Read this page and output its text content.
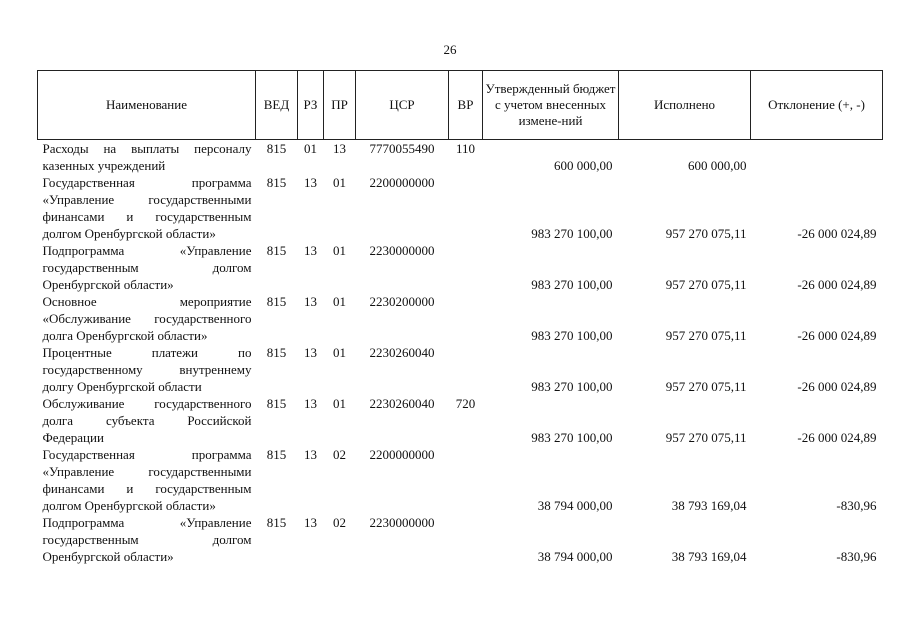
26
Наименование	ВЕД	РЗ	ПР	ЦСР	ВР	Утвержденный бюджет с учетом внесенных измене-ний	Исполнено	Отклонение (+, -)
Расходы на выплаты персоналу казенных учреждений	815	01	13	7770055490	110	600 000,00	600 000,00	
Государственная программа «Управление государственными финансами и государственным долгом Оренбургской области»	815	13	01	2200000000		983 270 100,00	957 270 075,11	-26 000 024,89
Подпрограмма «Управление государственным долгом Оренбургской области»	815	13	01	2230000000		983 270 100,00	957 270 075,11	-26 000 024,89
Основное мероприятие «Обслуживание государственного долга Оренбургской области»	815	13	01	2230200000		983 270 100,00	957 270 075,11	-26 000 024,89
Процентные платежи по государственному внутреннему долгу Оренбургской области	815	13	01	2230260040		983 270 100,00	957 270 075,11	-26 000 024,89
Обслуживание государственного долга субъекта Российской Федерации	815	13	01	2230260040	720	983 270 100,00	957 270 075,11	-26 000 024,89
Государственная программа «Управление государственными финансами и государственным долгом Оренбургской области»	815	13	02	2200000000		38 794 000,00	38 793 169,04	-830,96
Подпрограмма «Управление государственным долгом Оренбургской области»	815	13	02	2230000000		38 794 000,00	38 793 169,04	-830,96
